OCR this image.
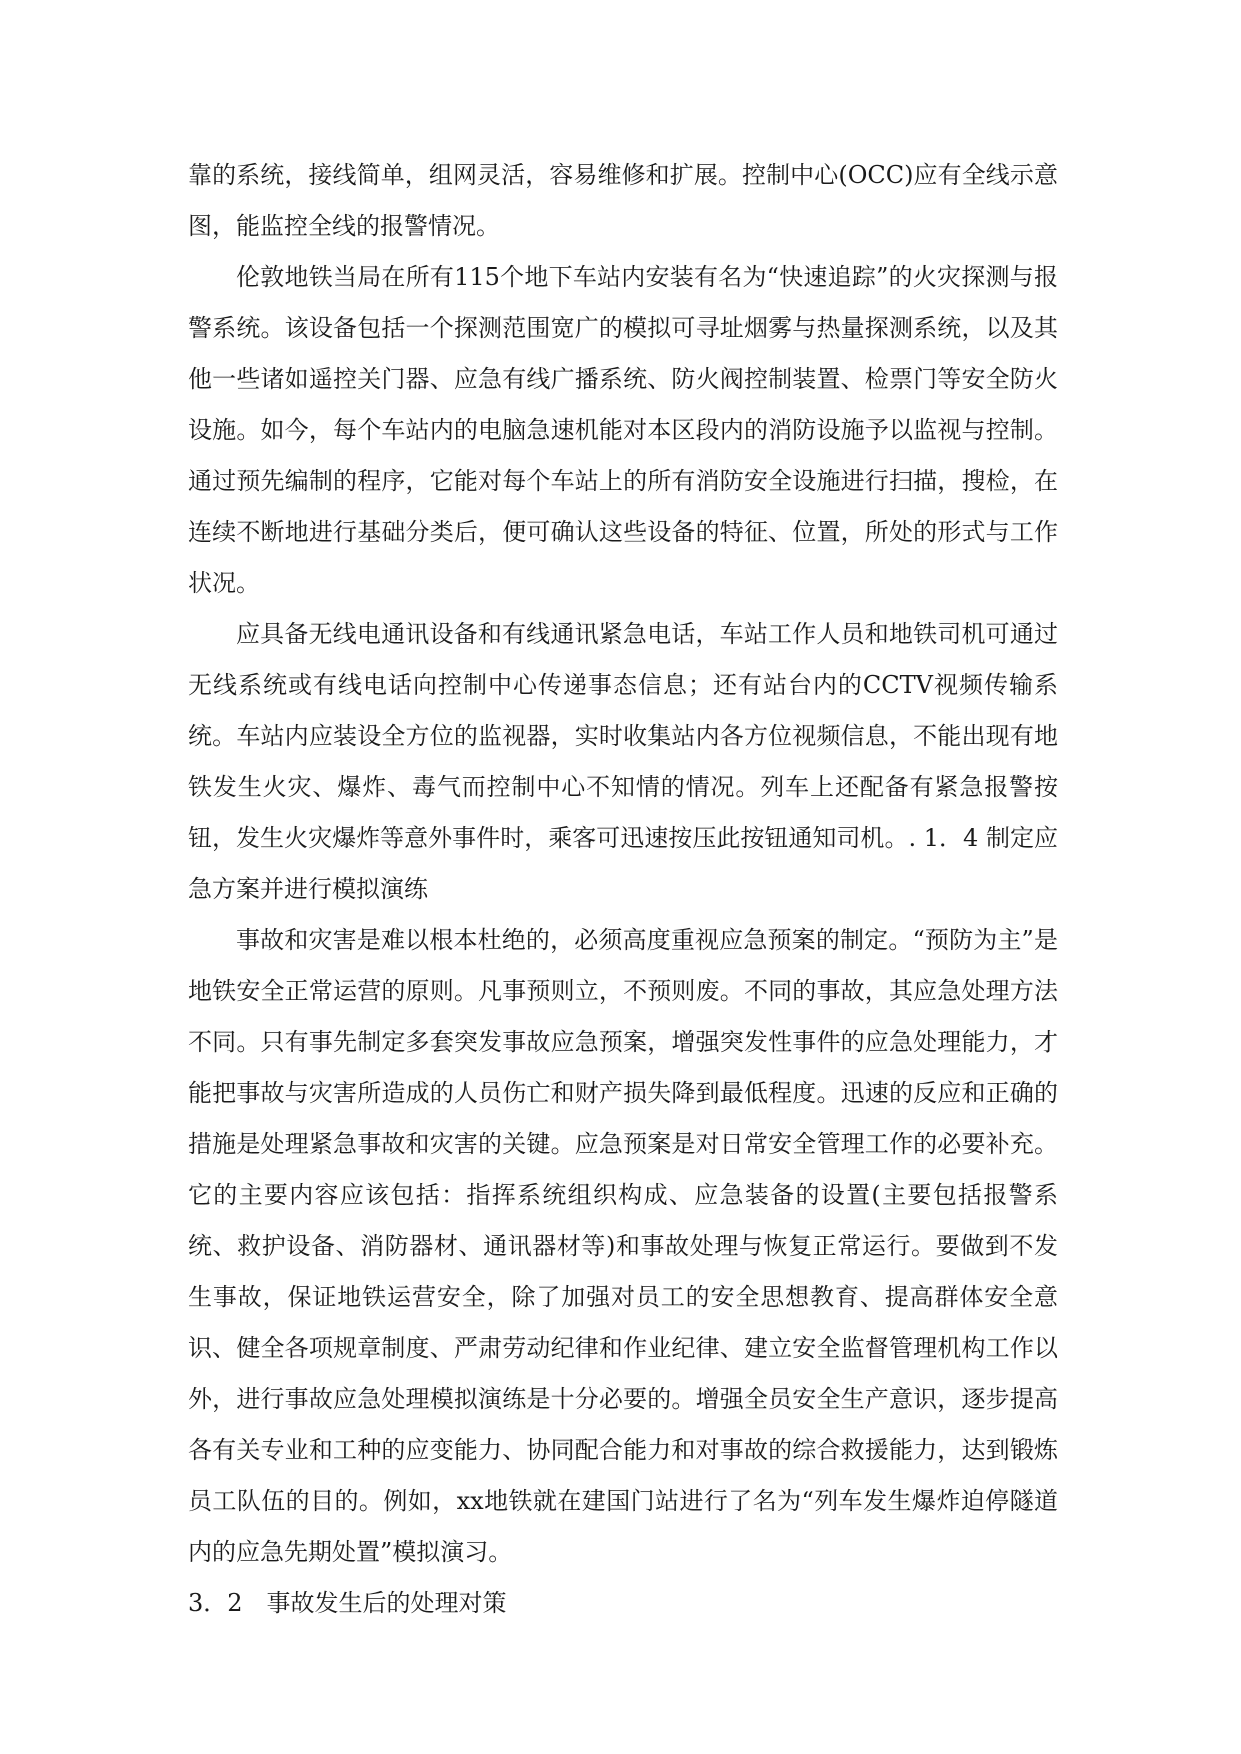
靠的系统，接线简单，组网灵活，容易维修和扩展。控制中心(OCC)应有全线示意图，能监控全线的报警情况。

伦敦地铁当局在所有115个地下车站内安装有名为“快速追踪”的火灾探测与报警系统。该设备包括一个探测范围宽广的模拟可寻址烟雾与热量探测系统，以及其他一些诸如遥控关门器、应急有线广播系统、防火阀控制装置、检票门等安全防火设施。如今，每个车站内的电脑急速机能对本区段内的消防设施予以监视与控制。通过预先编制的程序，它能对每个车站上的所有消防安全设施进行扫描，搜检，在连续不断地进行基础分类后，便可确认这些设备的特征、位置，所处的形式与工作状况。

应具备无线电通讯设备和有线通讯紧急电话，车站工作人员和地铁司机可通过无线系统或有线电话向控制中心传递事态信息；还有站台内的CCTV视频传输系统。车站内应装设全方位的监视器，实时收集站内各方位视频信息，不能出现有地铁发生火灾、爆炸、毒气而控制中心不知情的情况。列车上还配备有紧急报警按钮，发生火灾爆炸等意外事件时，乘客可迅速按压此按钮通知司机。. 1．4 制定应急方案并进行模拟演练

事故和灾害是难以根本杜绝的，必须高度重视应急预案的制定。“预防为主”是地铁安全正常运营的原则。凡事预则立，不预则废。不同的事故，其应急处理方法不同。只有事先制定多套突发事故应急预案，增强突发性事件的应急处理能力，才能把事故与灾害所造成的人员伤亡和财产损失降到最低程度。迅速的反应和正确的措施是处理紧急事故和灾害的关键。应急预案是对日常安全管理工作的必要补充。它的主要内容应该包括：指挥系统组织构成、应急装备的设置(主要包括报警系统、救护设备、消防器材、通讯器材等)和事故处理与恢复正常运行。要做到不发生事故，保证地铁运营安全，除了加强对员工的安全思想教育、提高群体安全意识、健全各项规章制度、严肃劳动纪律和作业纪律、建立安全监督管理机构工作以外，进行事故应急处理模拟演练是十分必要的。增强全员安全生产意识，逐步提高各有关专业和工种的应变能力、协同配合能力和对事故的综合救援能力，达到锻炼员工队伍的目的。例如，xx地铁就在建国门站进行了名为“列车发生爆炸迫停隧道内的应急先期处置”模拟演习。

3．2　事故发生后的处理对策
